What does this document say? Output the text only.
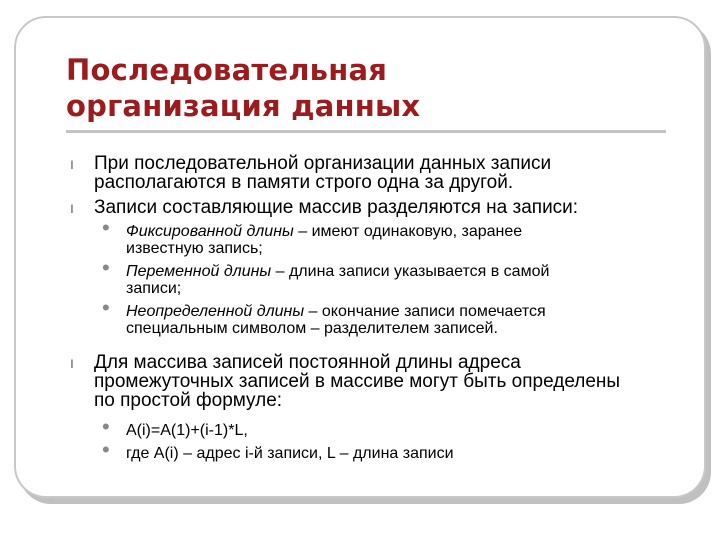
Последовательная
организация данных
l	При последовательной организации данных записи
располагаются в памяти строго одна за другой.
l	Записи составляющие массив разделяются на записи:
• Фиксированной длины – имеют одинаковую, заранее
известную запись;
• Переменной длины – длина записи указывается в самой
записи;
• Неопределенной длины – окончание записи помечается
специальным символом – разделителем записей.
l	Для массива записей постоянной длины адреса
промежуточных записей в массиве могут быть определены
по простой формуле:
• A(i)=A(1)+(i-1)*L,
• где A(i) – адрес i-й записи, L – длина записи
